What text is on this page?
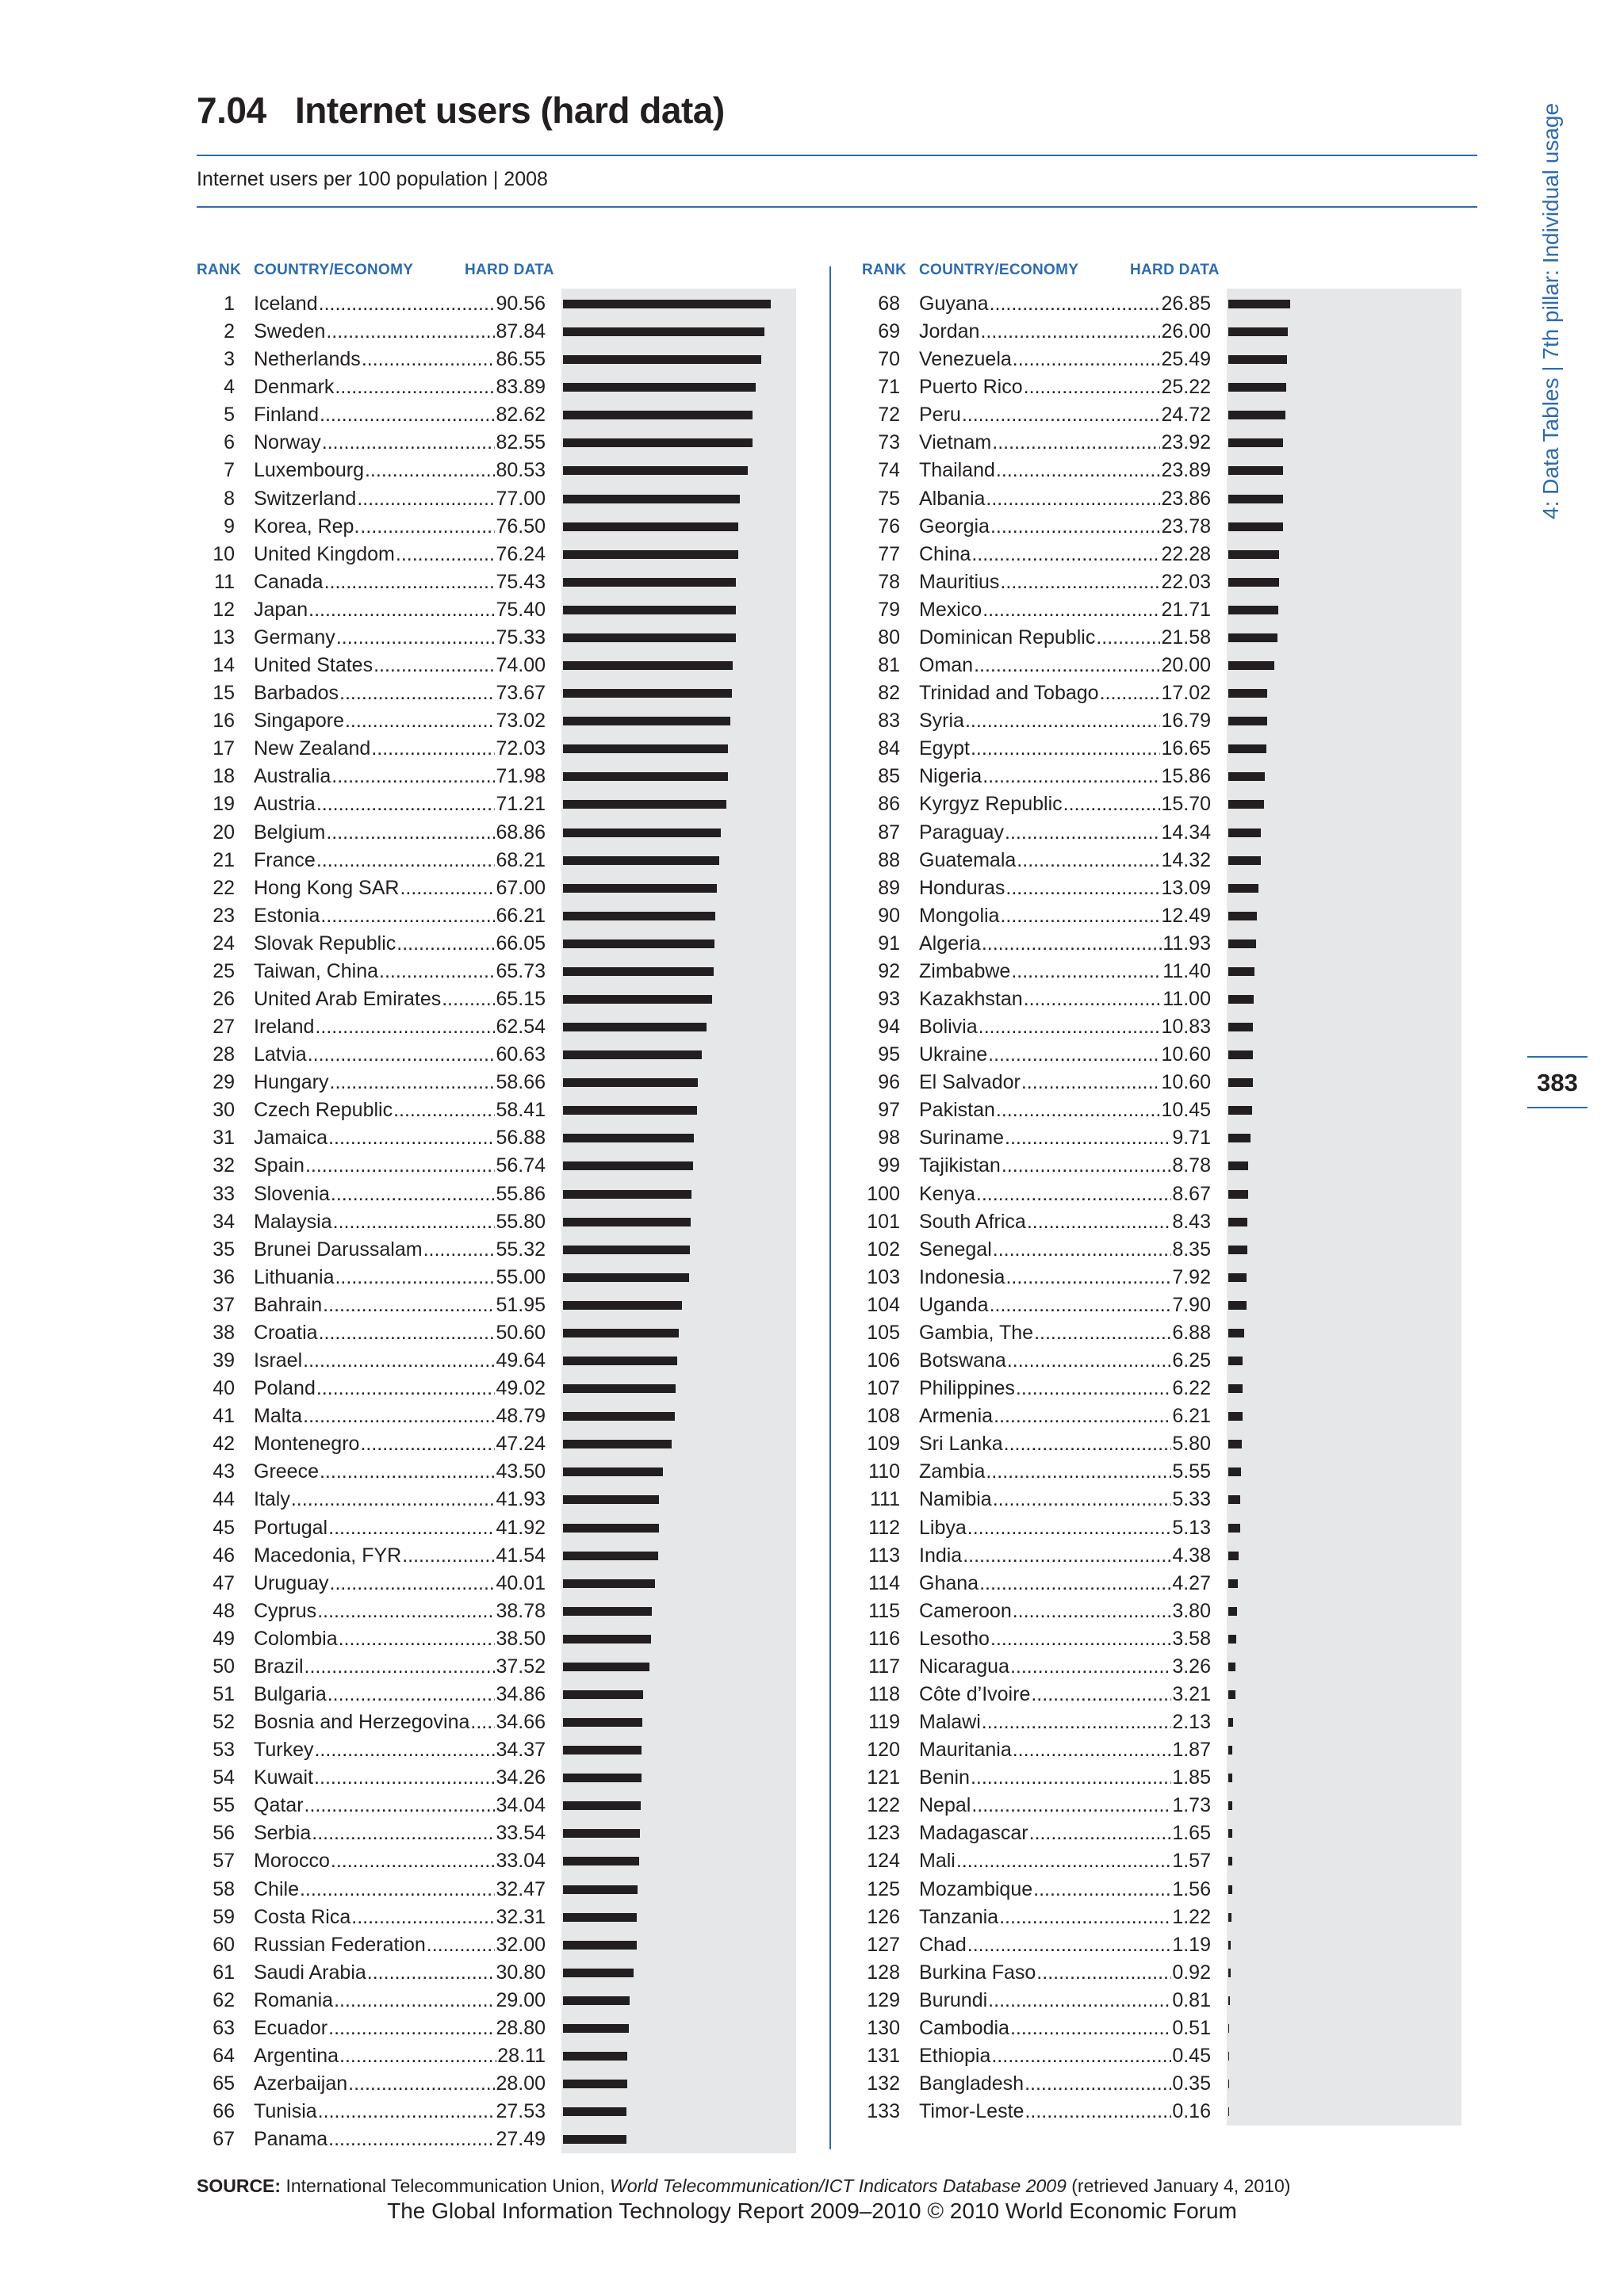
7.04 Internet users (hard data)
Internet users per 100 population | 2008	4: Data Tables | 7th pillar: Individual usage
383
RANK COUNTRY/ECONOMY	HARD DATA	RANK COUNTRY/ECONOMY	HARD DATA
1 Iceland .....	90.56
2 Sweden .....	87.84
3 Netherlands .....	86.55
4 Denmark .....	83.89
5 Finland .....	82.62
6 Norway .....	82.55
7 Luxembourg .....	80.53
8 Switzerland .....	77.00
9 Korea, Rep. .....	76.50
10 United Kingdom .....	76.24
11 Canada .....	75.43
12 Japan .....	75.40
13 Germany .....	75.33
14 United States .....	74.00
15 Barbados .....	73.67
16 Singapore .....	73.02
17 New Zealand .....	72.03
18 Australia .....	71.98
19 Austria .....	71.21
20 Belgium .....	68.86
21 France .....	68.21
22 Hong Kong SAR .....	67.00
23 Estonia .....	66.21
24 Slovak Republic .....	66.05
25 Taiwan, China .....	65.73
26 United Arab Emirates .....	65.15
27 Ireland .....	62.54
28 Latvia .....	60.63
29 Hungary .....	58.66
30 Czech Republic .....	58.41
31 Jamaica .....	56.88
32 Spain .....	56.74
33 Slovenia .....	55.86
34 Malaysia .....	55.80
35 Brunei Darussalam .....	55.32
36 Lithuania .....	55.00
37 Bahrain .....	51.95
38 Croatia .....	50.60
39 Israel .....	49.64
40 Poland .....	49.02
41 Malta .....	48.79
42 Montenegro .....	47.24
43 Greece .....	43.50
44 Italy .....	41.93
45 Portugal .....	41.92
46 Macedonia, FYR .....	41.54
47 Uruguay .....	40.01
48 Cyprus .....	38.78
49 Colombia .....	38.50
50 Brazil .....	37.52
51 Bulgaria .....	34.86
52 Bosnia and Herzegovina ..... 34.66
53 Turkey .....	34.37
54 Kuwait .....	34.26
55 Qatar .....	34.04
56 Serbia .....	33.54
57 Morocco .....	33.04
58 Chile .....	32.47
59 Costa Rica .....	32.31
60 Russian Federation .....	32.00
61 Saudi Arabia .....	30.80
62 Romania .....	29.00
63 Ecuador .....	28.80
64 Argentina .....	28.11
65 Azerbaijan .....	28.00
66 Tunisia .....	27.53
67 Panama .....	27.49
68 Guyana .....	26.85
69 Jordan .....	26.00
70 Venezuela .....	25.49
71 Puerto Rico .....	25.22
72 Peru .....	24.72
73 Vietnam .....	23.92
74 Thailand .....	23.89
75 Albania .....	23.86
76 Georgia .....	23.78
77 China .....	22.28
78 Mauritius .....	22.03
79 Mexico .....	21.71
80 Dominican Republic .....	21.58
81 Oman .....	20.00
82 Trinidad and Tobago .....	17.02
83 Syria .....	16.79
84 Egypt .....	16.65
85 Nigeria .....	15.86
86 Kyrgyz Republic .....	15.70
87 Paraguay .....	14.34
88 Guatemala .....	14.32
89 Honduras .....	13.09
90 Mongolia .....	12.49
91 Algeria .....	11.93
92 Zimbabwe .....	11.40
93 Kazakhstan .....	11.00
94 Bolivia .....	10.83
95 Ukraine .....	10.60
96 El Salvador .....	10.60
97 Pakistan .....	10.45
98 Suriname .....	9.71
99 Tajikistan .....	8.78
100 Kenya .....	8.67
101 South Africa .....	8.43
102 Senegal .....	8.35
103 Indonesia .....	7.92
104 Uganda .....	7.90
105 Gambia, The .....	6.88
106 Botswana .....	6.25
107 Philippines .....	6.22
108 Armenia .....	6.21
109 Sri Lanka .....	5.80
110 Zambia .....	5.55
111 Namibia .....	5.33
112 Libya .....	5.13
113 India .....	4.38
114 Ghana .....	4.27
115 Cameroon .....	3.80
116 Lesotho .....	3.58
117 Nicaragua .....	3.26
118 Côte d’Ivoire .....	3.21
119 Malawi .....	2.13
120 Mauritania .....	1.87
121 Benin .....	1.85
122 Nepal .....	1.73
123 Madagascar .....	1.65
124 Mali .....	1.57
125 Mozambique .....	1.56
126 Tanzania .....	1.22
127 Chad .....	1.19
128 Burkina Faso .....	0.92
129 Burundi .....	0.81
130 Cambodia .....	0.51
131 Ethiopia .....	0.45
132 Bangladesh .....	0.35
133 Timor-Leste .....	0.16
SOURCE: International Telecommunication Union, World Telecommunication/ICT Indicators Database 2009 (retrieved January 4, 2010)
The Global Information Technology Report 2009–2010 © 2010 World Economic Forum
